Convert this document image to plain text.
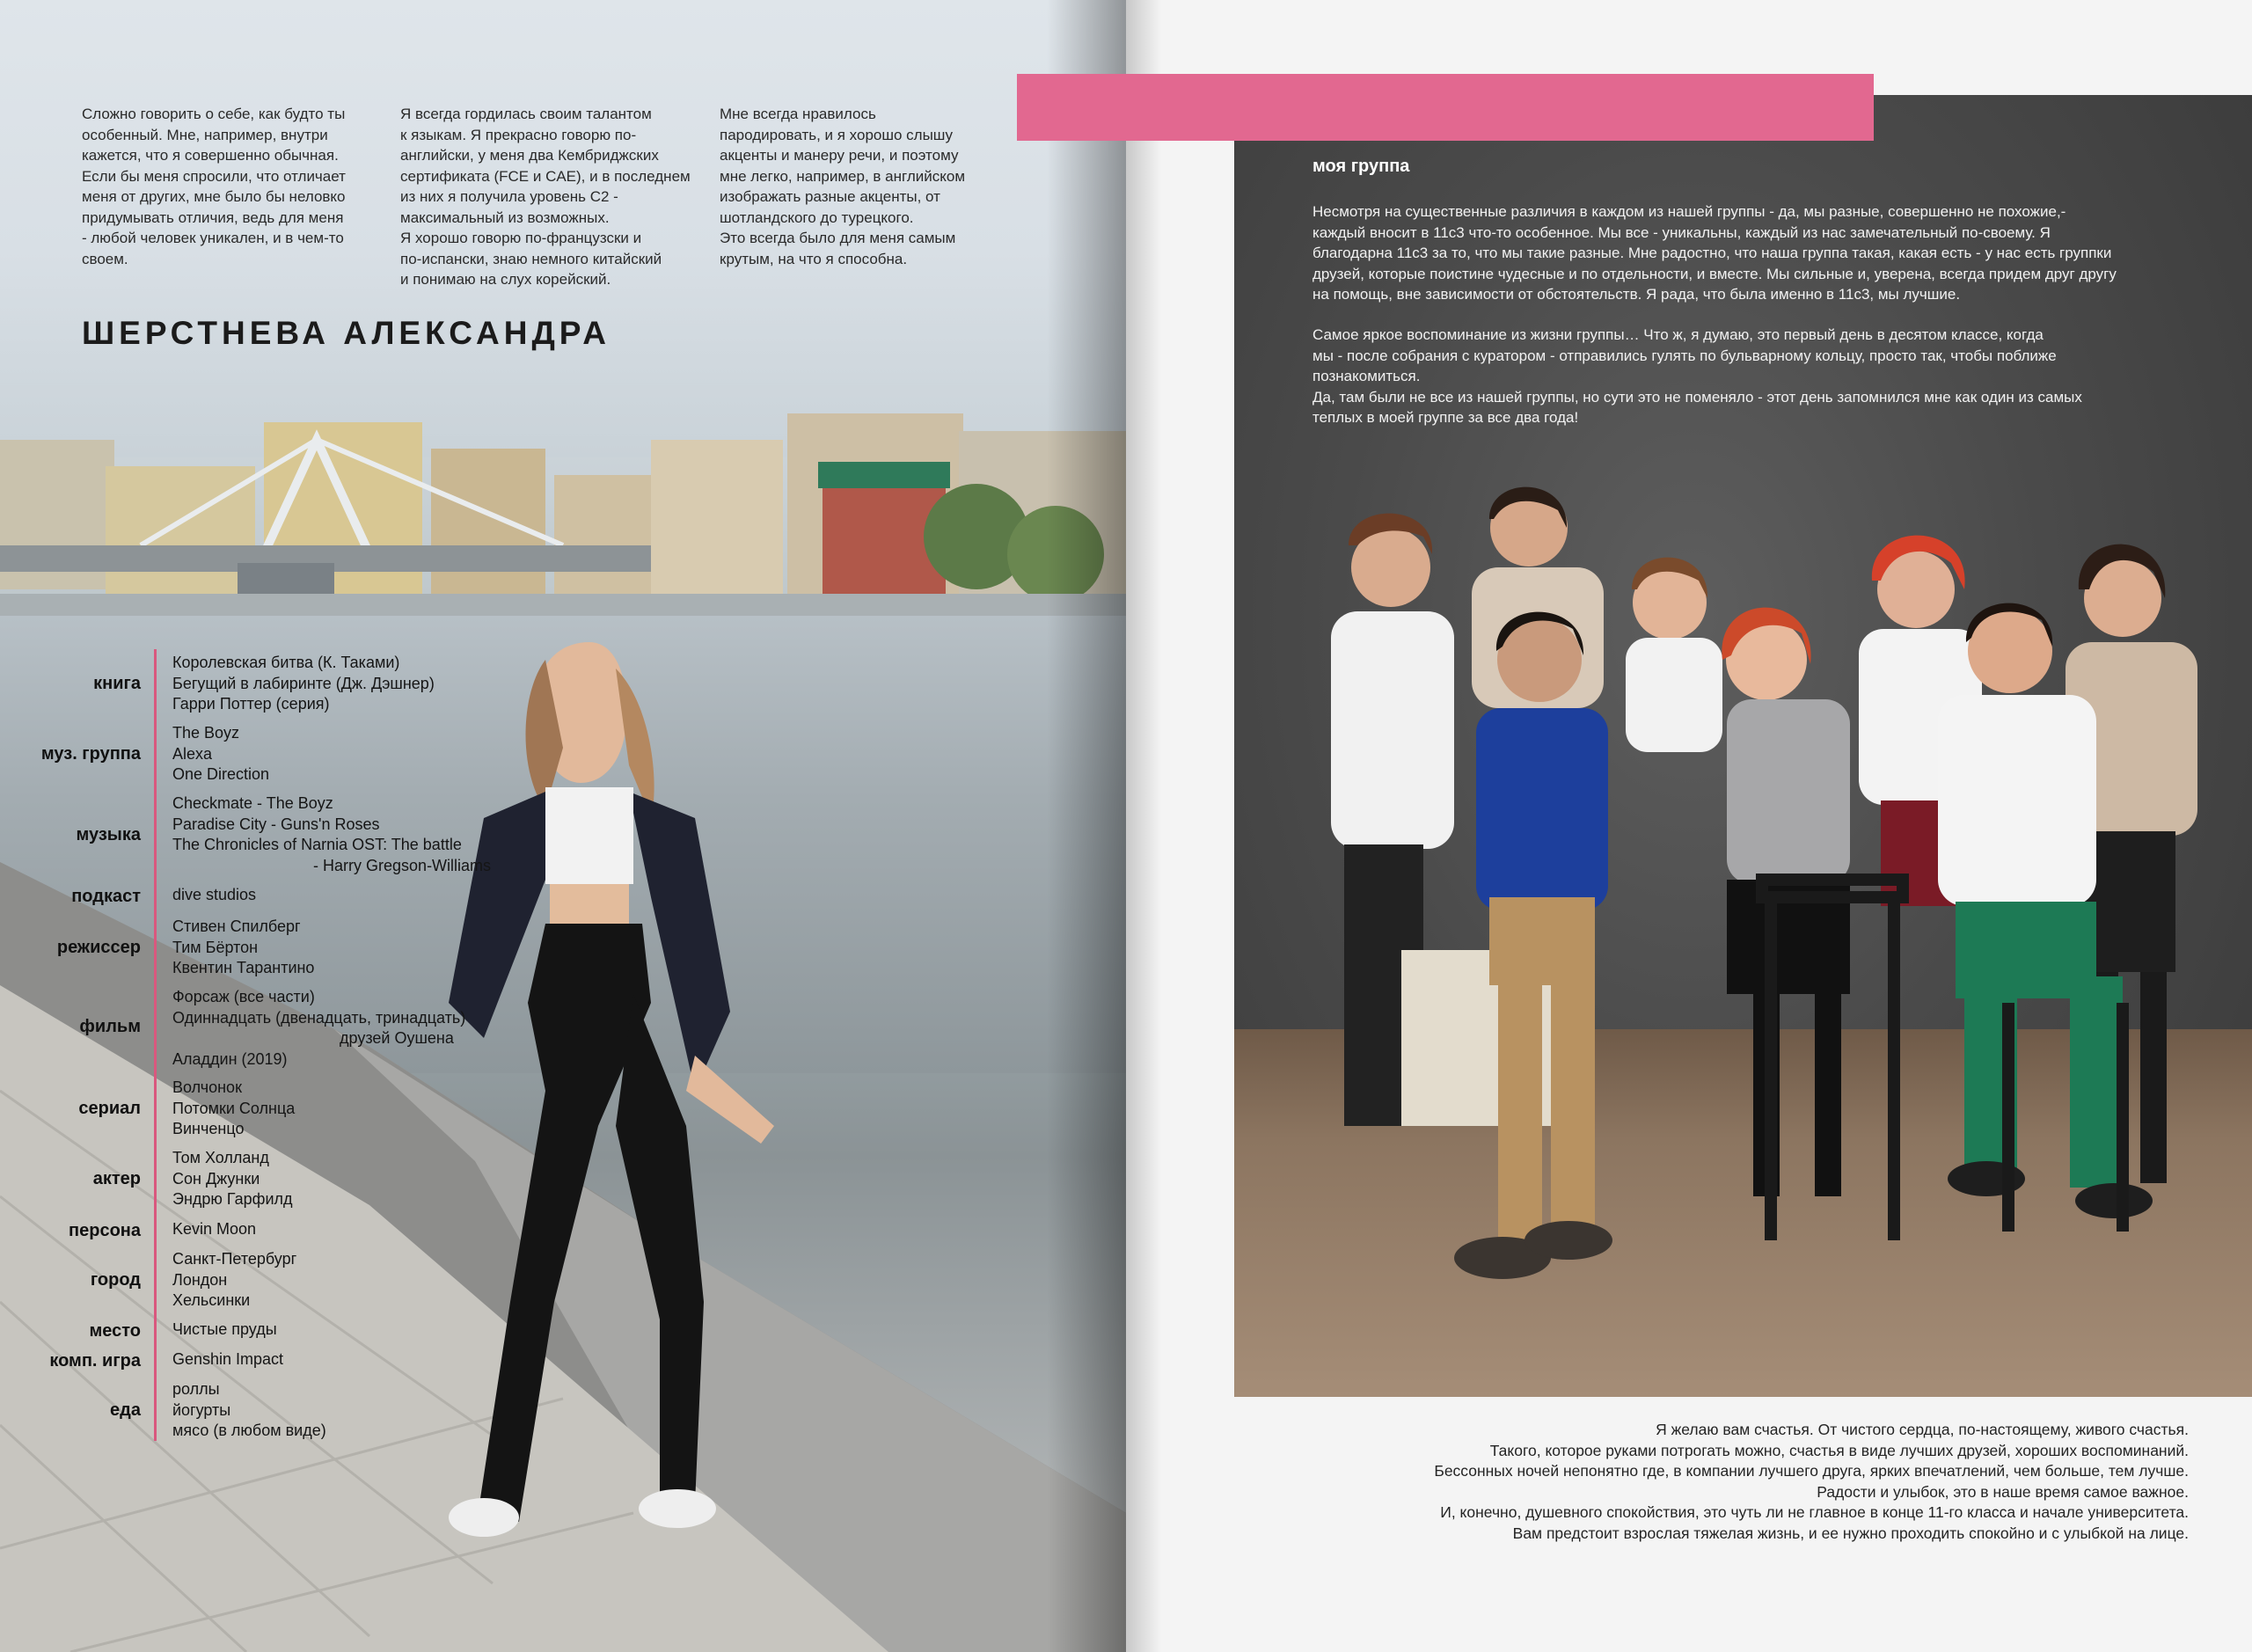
Сложно говорить о себе, как будто ты
особенный. Мне, например, внутри
кажется, что я совершенно обычная.
Если бы меня спросили, что отличает
меня от других, мне было бы неловко
придумывать отличия, ведь для меня
- любой человек уникален, и в чем-то
своем.
Я всегда гордилась своим талантом
к языкам. Я прекрасно говорю по-
английски, у меня два Кембриджских
сертификата (FCE и CAE), и в последнем
из них я получила уровень С2 -
максимальный из возможных.
Я хорошо говорю по-французски и
по-испански, знаю немного китайский
и понимаю на слух корейский.
Мне всегда нравилось
пародировать, и я хорошо слышу
акценты и манеру речи, и поэтому
мне легко, например, в английском
изображать разные акценты, от
шотландского до турецкого.
Это всегда было для меня самым
крутым, на что я способна.
ШЕРСТНЕВА АЛЕКСАНДРА
книга
Королевская битва (К. Таками)
Бегущий в лабиринте (Дж. Дэшнер)
Гарри Поттер (серия)
муз. группа
The Boyz
Alexa
One Direction
музыка
Checkmate - The Boyz
Paradise City - Guns'n Roses
The Chronicles of Narnia OST: The battle
- Harry Gregson-Williams
подкаст dive studios
режиссер
Стивен Спилберг
Тим Бёртон
Квентин Тарантино
фильм
Форсаж (все части)
Одиннадцать (двенадцать, тринадцать)
друзей Оушена
Аладдин (2019)
сериал
Волчонок
Потомки Солнца
Винченцо
актер
Том Холланд
Сон Джунки
Эндрю Гарфилд
персона Kevin Moon
город
Санкт-Петербург
Лондон
Хельсинки
место Чистые пруды
комп. игра Genshin Impact
еда
роллы
йогурты
мясо (в любом виде)
моя группа
Несмотря на существенные различия в каждом из нашей группы - да, мы разные, совершенно не похожие,-
каждый вносит в 11с3 что-то особенное. Мы все - уникальны, каждый из нас замечательный по-своему. Я
благодарна 11с3 за то, что мы такие разные. Мне радостно, что наша группа такая, какая есть - у нас есть группки
друзей, которые поистине чудесные и по отдельности, и вместе. Мы сильные и, уверена, всегда придем друг другу
на помощь, вне зависимости от обстоятельств. Я рада, что была именно в 11с3, мы лучшие.
Самое яркое воспоминание из жизни группы… Что ж, я думаю, это первый день в десятом классе, когда
мы - после собрания с куратором - отправились гулять по бульварному кольцу, просто так, чтобы поближе
познакомиться.
Да, там были не все из нашей группы, но сути это не поменяло - этот день запомнился мне как один из самых
теплых в моей группе за все два года!
Я желаю вам счастья. От чистого сердца, по-настоящему, живого счастья.
Такого, которое руками потрогать можно, счастья в виде лучших друзей, хороших воспоминаний.
Бессонных ночей непонятно где, в компании лучшего друга, ярких впечатлений, чем больше, тем лучше.
Радости и улыбок, это в наше время самое важное.
И, конечно, душевного спокойствия, это чуть ли не главное в конце 11-го класса и начале университета.
Вам предстоит взрослая тяжелая жизнь, и ее нужно проходить спокойно и с улыбкой на лице.
